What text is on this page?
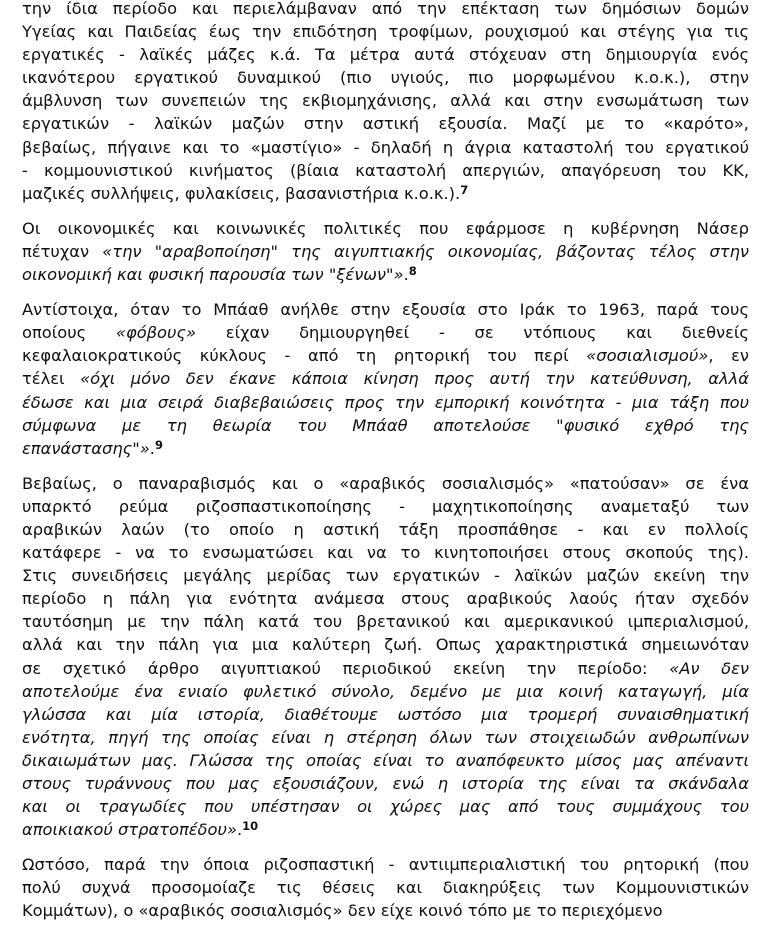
την ίδια περίοδο και περιελάμβαναν από την επέκταση των δημόσιων δομών
Υγείας και Παιδείας έως την επιδότηση τροφίμων, ρουχισμού και στέγης για τις
εργατικές - λαϊκές μάζες κ.ά. Τα μέτρα αυτά στόχευαν στη δημιουργία ενός
ικανότερου εργατικού δυναμικού (πιο υγιούς, πιο μορφωμένου κ.ο.κ.), στην
άμβλυνση των συνεπειών της εκβιομηχάνισης, αλλά και στην ενσωμάτωση των
εργατικών - λαϊκών μαζών στην αστική εξουσία. Μαζί με το «καρότο»,
βεβαίως, πήγαινε και το «μαστίγιο» - δηλαδή η άγρια καταστολή του εργατικού
- κομμουνιστικού κινήματος (βίαια καταστολή απεργιών, απαγόρευση του ΚΚ,
μαζικές συλλήψεις, φυλακίσεις, βασανιστήρια κ.ο.κ.).$^7$
Οι οικονομικές και κοινωνικές πολιτικές που εφάρμοσε η κυβέρνηση Νάσερ
πέτυχαν «την "αραβοποίηση" της αιγυπτιακής οικονομίας, βάζοντας τέλος στην
οικονομική και φυσική παρουσία των "ξένων"».$^8$
Αντίστοιχα, όταν το Μπάαθ ανήλθε στην εξουσία στο Ιράκ το 1963, παρά τους
οποίους «φόβους» είχαν δημιουργηθεί - σε ντόπιους και διεθνείς
κεφαλαιοκρατικούς κύκλους - από τη ρητορική του περί «σοσιαλισμού», εν
τέλει «όχι μόνο δεν έκανε κάποια κίνηση προς αυτή την κατεύθυνση, αλλά
έδωσε και μια σειρά διαβεβαιώσεις προς την εμπορική κοινότητα - μια τάξη που
σύμφωνα με τη θεωρία του Μπάαθ αποτελούσε "φυσικό εχθρό της
επανάστασης"».$^9$
Βεβαίως, ο παναραβισμός και ο «αραβικός σοσιαλισμός» «πατούσαν» σε ένα
υπαρκτό ρεύμα ριζοσπαστικοποίησης - μαχητικοποίησης αναμεταξύ των
αραβικών λαών (το οποίο η αστική τάξη προσπάθησε - και εν πολλοίς
κατάφερε - να το ενσωματώσει και να το κινητοποιήσει στους σκοπούς της).
Στις συνειδήσεις μεγάλης μερίδας των εργατικών - λαϊκών μαζών εκείνη την
περίοδο η πάλη για ενότητα ανάμεσα στους αραβικούς λαούς ήταν σχεδόν
ταυτόσημη με την πάλη κατά του βρετανικού και αμερικανικού ιμπεριαλισμού,
αλλά και την πάλη για μια καλύτερη ζωή. Οπως χαρακτηριστικά σημειωνόταν
σε σχετικό άρθρο αιγυπτιακού περιοδικού εκείνη την περίοδο: «Αν δεν
αποτελούμε ένα ενιαίο φυλετικό σύνολο, δεμένο με μια κοινή καταγωγή, μία
γλώσσα και μία ιστορία, διαθέτουμε ωστόσο μια τρομερή συναισθηματική
ενότητα, πηγή της οποίας είναι η στέρηση όλων των στοιχειωδών ανθρωπίνων
δικαιωμάτων μας. Γλώσσα της οποίας είναι το αναπόφευκτο μίσος μας απέναντι
στους τυράννους που μας εξουσιάζουν, ενώ η ιστορία της είναι τα σκάνδαλα
και οι τραγωδίες που υπέστησαν οι χώρες μας από τους συμμάχους του
αποικιακού στρατοπέδου».$^{10}$
Ωστόσο, παρά την όποια ριζοσπαστική - αντιιμπεριαλιστική του ρητορική (που
πολύ συχνά προσομοίαζε τις θέσεις και διακηρύξεις των Κομμουνιστικών
Κομμάτων), ο «αραβικός σοσιαλισμός» δεν είχε κοινό τόπο με το περιεχόμενο
